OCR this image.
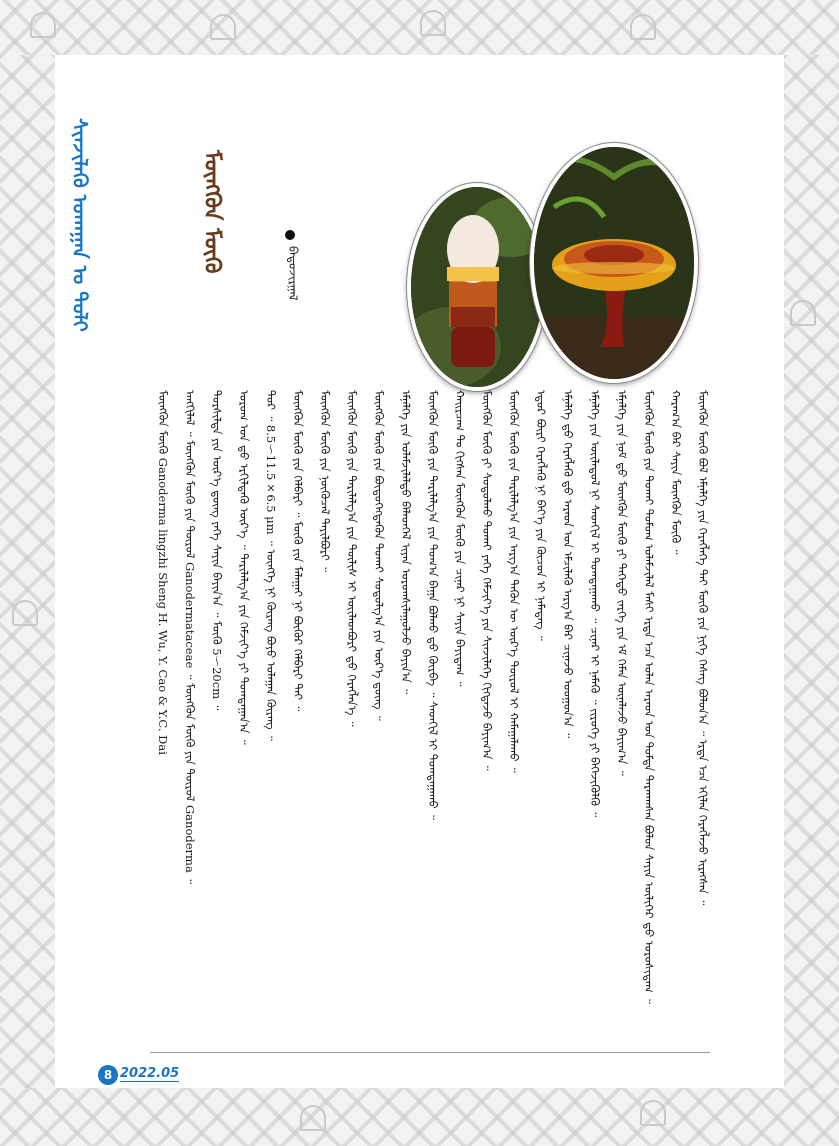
ᠰᠢᠨᠵᠢᠯᠡᠬᠦ ᠤᠬᠠᠭᠠᠨ ᠤ ᠲᠣᠯᠢ	ᠮᠥᠩᠭᠦᠨ ᠮᠥᠭᠦ	ᠪᠠᠲᠤᠵᠢᠷᠭᠠᠯ
ᠮᠥᠩᠭᠦᠨ ᠮᠥᠭᠦ ᠪᠣᠯ ᠡᠮᠨᠡᠯᠭᠡ ᠶᠢᠨ ᠬᠡᠷᠡᠭᠯᠡᠭᠡ ᠲᠠᠢ ᠮᠥᠭᠦ ᠶᠢᠨ ᠨᠢᠭᠡ ᠬᠡᠰᠡᠭ ᠪᠣᠯᠤᠨ᠎ᠠ ᠃ ᠡᠷᠲᠡ ᠡᠴᠡ ᠡᠬᠢᠯᠡᠨ ᠬᠡᠷᠡᠭᠯᠡᠵᠦ ᠢᠷᠡᠭᠰᠡᠨ ᠃
ᠬᠠᠷᠠᠭ᠎ᠠ ᠪᠠᠷ ᠰᠠᠶᠢᠨ ᠮᠥᠩᠭᠦᠨ ᠮᠥᠭᠦ ᠃
ᠮᠥᠩᠭᠦᠨ ᠮᠥᠭᠦ ᠶᠢᠨ ᠲᠤᠬᠠᠢ ᠳᠣᠮᠤᠭ ᠤᠯᠠᠮᠵᠢᠯᠠᠯ ᠮᠠᠰᠢ ᠡᠷᠲᠡ ᠡᠴᠡ ᠣᠯᠠᠨ ᠠᠷᠠᠳ ᠤᠨ ᠳᠤᠮᠳᠠ ᠲᠠᠷᠬᠠᠭᠰᠠᠨ ᠪᠣᠯᠤᠨ ᠰᠠᠶᠢᠨ ᠦᠯᠢᠭᠡᠷ ᠳ᠋ᠤ ᠣᠷᠣᠰᠢᠳᠠᠭ ᠃
ᠡᠮᠨᠡᠯᠭᠡ ᠶᠢᠨ ᠨᠣᠮ ᠳ᠋ᠤ ᠮᠥᠩᠭᠦᠨ ᠮᠥᠭᠦ ᠶᠢ ᠳᠡᠭᠡᠳᠦ ᠵᠡᠷᠭᠡ ᠶᠢᠨ ᠡᠮ ᠬᠡᠮᠡᠨ ᠦᠨᠡᠯᠡᠵᠦ ᠪᠠᠶᠢᠭ᠎ᠠ ᠃
ᠡᠮᠨᠡᠯᠭᠡ ᠶᠢᠨ ᠦᠢᠯᠡᠳᠦᠯ ᠨᠢ ᠰᠡᠳᠬᠢᠯ ᠢ ᠲᠣᠭᠲᠠᠭᠠᠬᠤ ᠃ ᠴᠢᠨᠠᠷ ᠢ ᠨᠡᠮᠡᠬᠦ ᠃ ᠵᠢᠷᠦᠬᠡ ᠶᠢ ᠪᠡᠬᠡᠵᠢᠭᠦᠯᠬᠦ ᠃
ᠡᠮᠨᠡᠯᠭᠡ ᠳ᠋ᠤ ᠬᠡᠷᠡᠭᠯᠡᠬᠦ ᠳ᠋ᠤ ᠠᠷᠠᠳ ᠤᠨ ᠡᠮᠴᠢᠯᠡᠬᠦ ᠠᠷᠭ᠎ᠠ ᠪᠠᠷ ᠴᠢᠨᠠᠵᠤ ᠤᠤᠭᠤᠨ᠎ᠠ ᠃
ᠡᠳᠦᠷ ᠪᠦᠷᠢ ᠬᠡᠷᠡᠭᠯᠡᠬᠦ ᠨᠢ ᠪᠡᠶ᠎ᠡ ᠶᠢᠨ ᠬᠦᠴᠦᠨ ᠢ ᠨᠡᠮᠡᠳᠡᠭ ᠃
ᠮᠥᠩᠭᠦᠨ ᠮᠥᠭᠦ ᠶᠢᠨ ᠲᠠᠷᠢᠯᠠᠯᠭ᠎ᠠ ᠶᠢᠨ ᠠᠷᠭ᠎ᠠ ᠲᠡᠭᠦᠨ ᠦ ᠦᠷ᠎ᠡ ᠲᠦᠷᠦᠯ ᠢ ᠬᠠᠮᠠᠭᠠᠯᠠᠬᠤ ᠃
ᠮᠥᠩᠭᠦᠨ ᠮᠥᠭᠦ ᠶᠢ ᠰᠤᠳᠤᠯᠬᠤ ᠲᠤᠬᠠᠶ ᠶᠡᠬᠡ ᠬᠡᠮᠵᠢᠶ᠎ᠡ ᠶᠢᠨ ᠰᠢᠨᠵᠢᠯᠡᠭᠡ ᠬᠢᠭᠳᠡᠵᠦ ᠪᠠᠶᠢᠭ᠎ᠠ ᠃
ᠬᠠᠢᠷᠴᠠᠭ ᠲᠤ ᠬᠢᠭᠰᠡᠨ ᠮᠥᠩᠭᠦᠨ ᠮᠥᠭᠦ ᠶᠢᠨ ᠴᠢᠨᠠᠷ ᠨᠢ ᠰᠠᠶᠢᠨ ᠪᠠᠶᠢᠳᠠᠭ ᠃
ᠮᠥᠩᠭᠦᠨ ᠮᠥᠭᠦ ᠶᠢᠨ ᠲᠠᠷᠢᠯᠠᠯᠭ᠎ᠠ ᠶᠢᠨ ᠲᠣᠭ᠎ᠠ ᠪᠠᠭᠠ ᠪᠣᠯᠬᠤ ᠳ᠋ᠤ ᠬᠦᠷᠪᠡ ᠃ ᠰᠡᠳᠬᠢᠯ ᠢ ᠲᠣᠭᠲᠠᠭᠠᠬᠤ ᠃
ᠡᠮᠨᠡᠯᠭᠡ ᠶᠢᠨ ᠤᠯᠠᠮᠵᠢᠯᠠᠯᠲᠤ ᠪᠡᠯᠡᠳᠬᠡᠯ ᠢᠶᠡᠨ ᠤᠷᠤᠭᠰᠢᠯᠠᠭᠤᠯᠵᠤ ᠪᠠᠶᠢᠨ᠎ᠠ ᠃
ᠮᠥᠩᠭᠦᠨ ᠮᠥᠭᠦ ᠶᠢᠨ ᠪᠦᠲᠦᠭᠡᠭᠳᠡᠬᠦᠨ ᠲᠤᠬᠠᠢ ᠰᠤᠳᠤᠯᠭ᠎ᠠ ᠶᠢᠨ ᠦᠷ᠎ᠡ ᠳ᠋ᠦᠩ ᠃
ᠮᠥᠩᠭᠦᠨ ᠮᠥᠭᠦ ᠶᠢᠨ ᠲᠠᠷᠢᠯᠠᠯᠭ᠎ᠠ ᠶᠢᠨ ᠲᠦᠯᠢᠰ ᠢ ᠦᠢᠯᠡᠳᠪᠦᠷᠢ ᠳ᠋ᠦ ᠬᠡᠷᠡᠭᠯᠡᠨ᠎ᠡ ᠃
ᠮᠥᠩᠭᠦᠨ ᠮᠥᠭᠦ ᠶᠢᠨ ᠨᠦᠬᠦᠴᠡᠯ ᠲᠠᠶᠢᠯᠪᠤᠷᠢ ᠃
ᠮᠥᠩᠭᠦᠨ ᠮᠥᠭᠦ ᠶᠢᠨ ᠬᠡᠯᠪᠡᠷᠢ ᠃ ᠮᠥᠭᠦ ᠶᠢᠨ ᠮᠠᠯᠠᠭᠠᠢ ᠨᠢ ᠪᠦᠭᠦᠷ ᠬᠡᠯᠪᠡᠷᠢ ᠲᠡᠢ ᠃
ᠳᠤᠷ ᠃ 8.5～11.5×6.5 μm ᠃ ᠥᠩᠭᠡ ᠨᠢ ᠬᠦᠷᠡᠩ ᠪᠤᠶᠤ ᠤᠯᠠᠭᠠᠨ ᠬᠦᠷᠡᠩ ᠃
ᠤᠷᠤᠭ ᠤᠨ ᠳ᠋ᠤ ᠡᠷᠭᠢᠯᠳᠡᠬᠦ ᠦᠷ᠎ᠡ ᠃ ᠲᠠᠷᠢᠯᠠᠯᠭ᠎ᠠ ᠶᠢᠨ ᠬᠡᠮᠵᠢᠶ᠎ᠡ ᠶᠢ ᠲᠣᠭᠲᠠᠭᠠᠨ᠎ᠠ ᠃
ᠲᠤᠷᠰᠢᠯᠲᠠ ᠶᠢᠨ ᠦᠷ᠎ᠡ ᠳ᠋ᠦᠩ ᠶᠡᠬᠡ ᠰᠠᠶᠢᠨ ᠪᠠᠶᠢᠨ᠎ᠠ ᠃ ᠮᠥᠭᠦ 5～20cm ᠃
ᠠᠩᠭᠢᠯᠠᠯ ᠃ ᠮᠥᠩᠭᠦᠨ ᠮᠥᠭᠦ ᠶᠢᠨ ᠲᠥᠷᠥᠯ Ganodermataceae ᠃ ᠮᠥᠩᠭᠦᠨ ᠮᠥᠭᠦ ᠶᠢᠨ ᠲᠥᠷᠥᠯ Ganoderma ᠃
ᠮᠥᠩᠭᠦᠨ ᠮᠥᠭᠦ Ganoderma lingzhi Sheng H. Wu, Y. Cao & Y.C. Dai
8 2022.05
